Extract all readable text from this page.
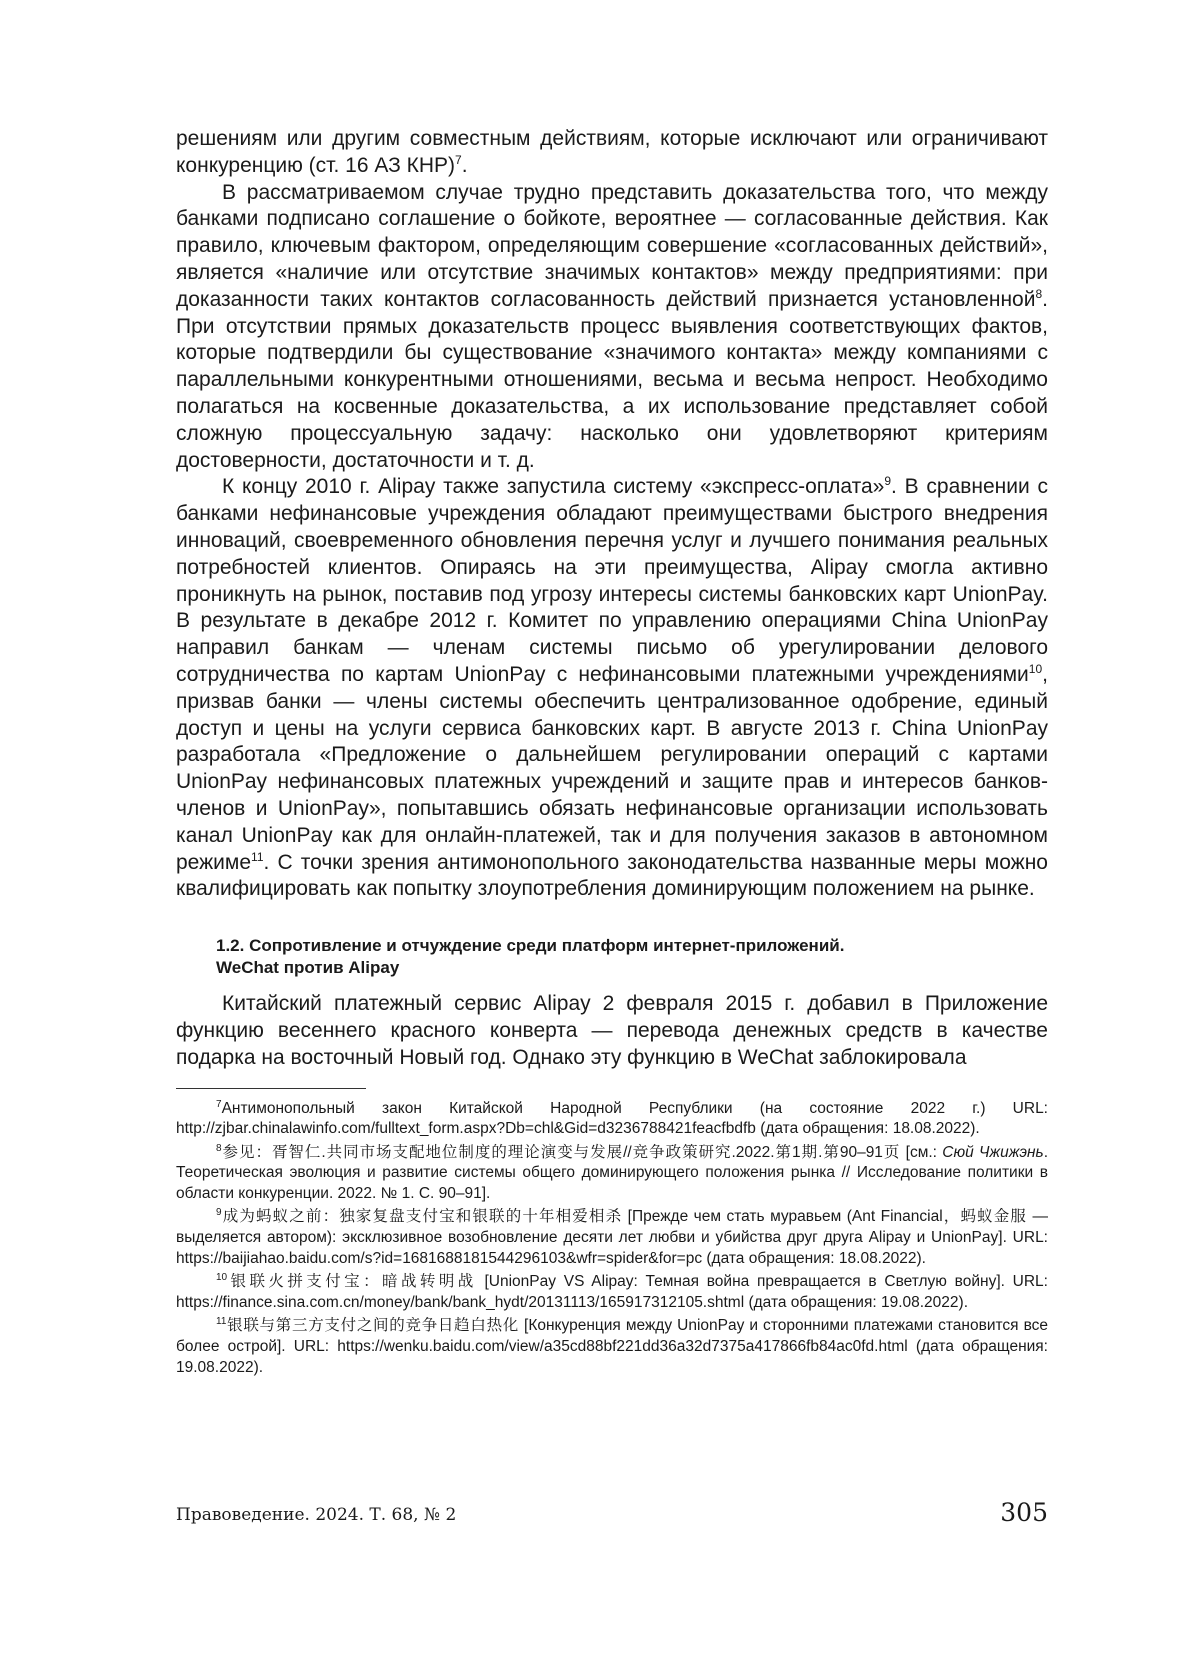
решениям или другим совместным действиям, которые исключают или ограничивают конкуренцию (ст. 16 АЗ КНР)$^7$.

В рассматриваемом случае трудно представить доказательства того, что между банками подписано соглашение о бойкоте, вероятнее — согласованные действия. Как правило, ключевым фактором, определяющим совершение «согласованных действий», является «наличие или отсутствие значимых контактов» между предприятиями: при доказанности таких контактов согласованность действий признается установленной$^8$. При отсутствии прямых доказательств процесс выявления соответствующих фактов, которые подтвердили бы существование «значимого контакта» между компаниями с параллельными конкурентными отношениями, весьма и весьма непрост. Необходимо полагаться на косвенные доказательства, а их использование представляет собой сложную процессуальную задачу: насколько они удовлетворяют критериям достоверности, достаточности и т. д.

К концу 2010 г. Alipay также запустила систему «экспресс-оплата»$^9$. В сравнении с банками нефинансовые учреждения обладают преимуществами быстрого внедрения инноваций, своевременного обновления перечня услуг и лучшего понимания реальных потребностей клиентов. Опираясь на эти преимущества, Alipay смогла активно проникнуть на рынок, поставив под угрозу интересы системы банковских карт UnionPay. В результате в декабре 2012 г. Комитет по управлению операциями China UnionPay направил банкам — членам системы письмо об урегулировании делового сотрудничества по картам UnionPay с нефинансовыми платежными учреждениями$^{10}$, призвав банки — члены системы обеспечить централизованное одобрение, единый доступ и цены на услуги сервиса банковских карт. В августе 2013 г. China UnionPay разработала «Предложение о дальнейшем регулировании операций с картами UnionPay нефинансовых платежных учреждений и защите прав и интересов банков-членов и UnionPay», попытавшись обязать нефинансовые организации использовать канал UnionPay как для онлайн-платежей, так и для получения заказов в автономном режиме$^{11}$. С точки зрения антимонопольного законодательства названные меры можно квалифицировать как попытку злоупотребления доминирующим положением на рынке.

1.2. Сопротивление и отчуждение среди платформ интернет-приложений.
WeChat против Alipay

Китайский платежный сервис Alipay 2 февраля 2015 г. добавил в Приложение функцию весеннего красного конверта — перевода денежных средств в качестве подарка на восточный Новый год. Однако эту функцию в WeChat заблокировала

$^7$Антимонопольный закон Китайской Народной Республики (на состояние 2022 г.) URL: http://zjbar.chinalawinfo.com/fulltext_form.aspx?Db=chl&Gid=d3236788421feacfbdfb (дата обращения: 18.08.2022).

$^8$参见：胥智仁.共同市场支配地位制度的理论演变与发展//竞争政策研究.2022.第1期.第90–91页 [см.: Сюй Чжижэнь. Теоретическая эволюция и развитие системы общего доминирующего положения рынка // Исследование политики в области конкуренции. 2022. № 1. С. 90–91].

$^9$成为蚂蚁之前：独家复盘支付宝和银联的十年相爱相杀 [Прежде чем стать муравьем (Ant Financial，蚂蚁金服 — выделяется автором): эксклюзивное возобновление десяти лет любви и убийства друг друга Alipay и UnionPay]. URL: https://baijiahao.baidu.com/s?id=1681688181544296103&wfr=spider&for=pc (дата обращения: 18.08.2022).

$^{10}$银联火拼支付宝：暗战转明战 [UnionPay VS Alipay: Темная война превращается в Светлую войну]. URL: https://finance.sina.com.cn/money/bank/bank_hydt/20131113/165917312105.shtml (дата обращения: 19.08.2022).

$^{11}$银联与第三方支付之间的竞争日趋白热化 [Конкуренция между UnionPay и сторонними платежами становится все более острой]. URL: https://wenku.baidu.com/view/a35cd88bf221dd36a32d7375a417866fb84ac0fd.html (дата обращения: 19.08.2022).

Правоведение. 2024. Т. 68, № 2	305
